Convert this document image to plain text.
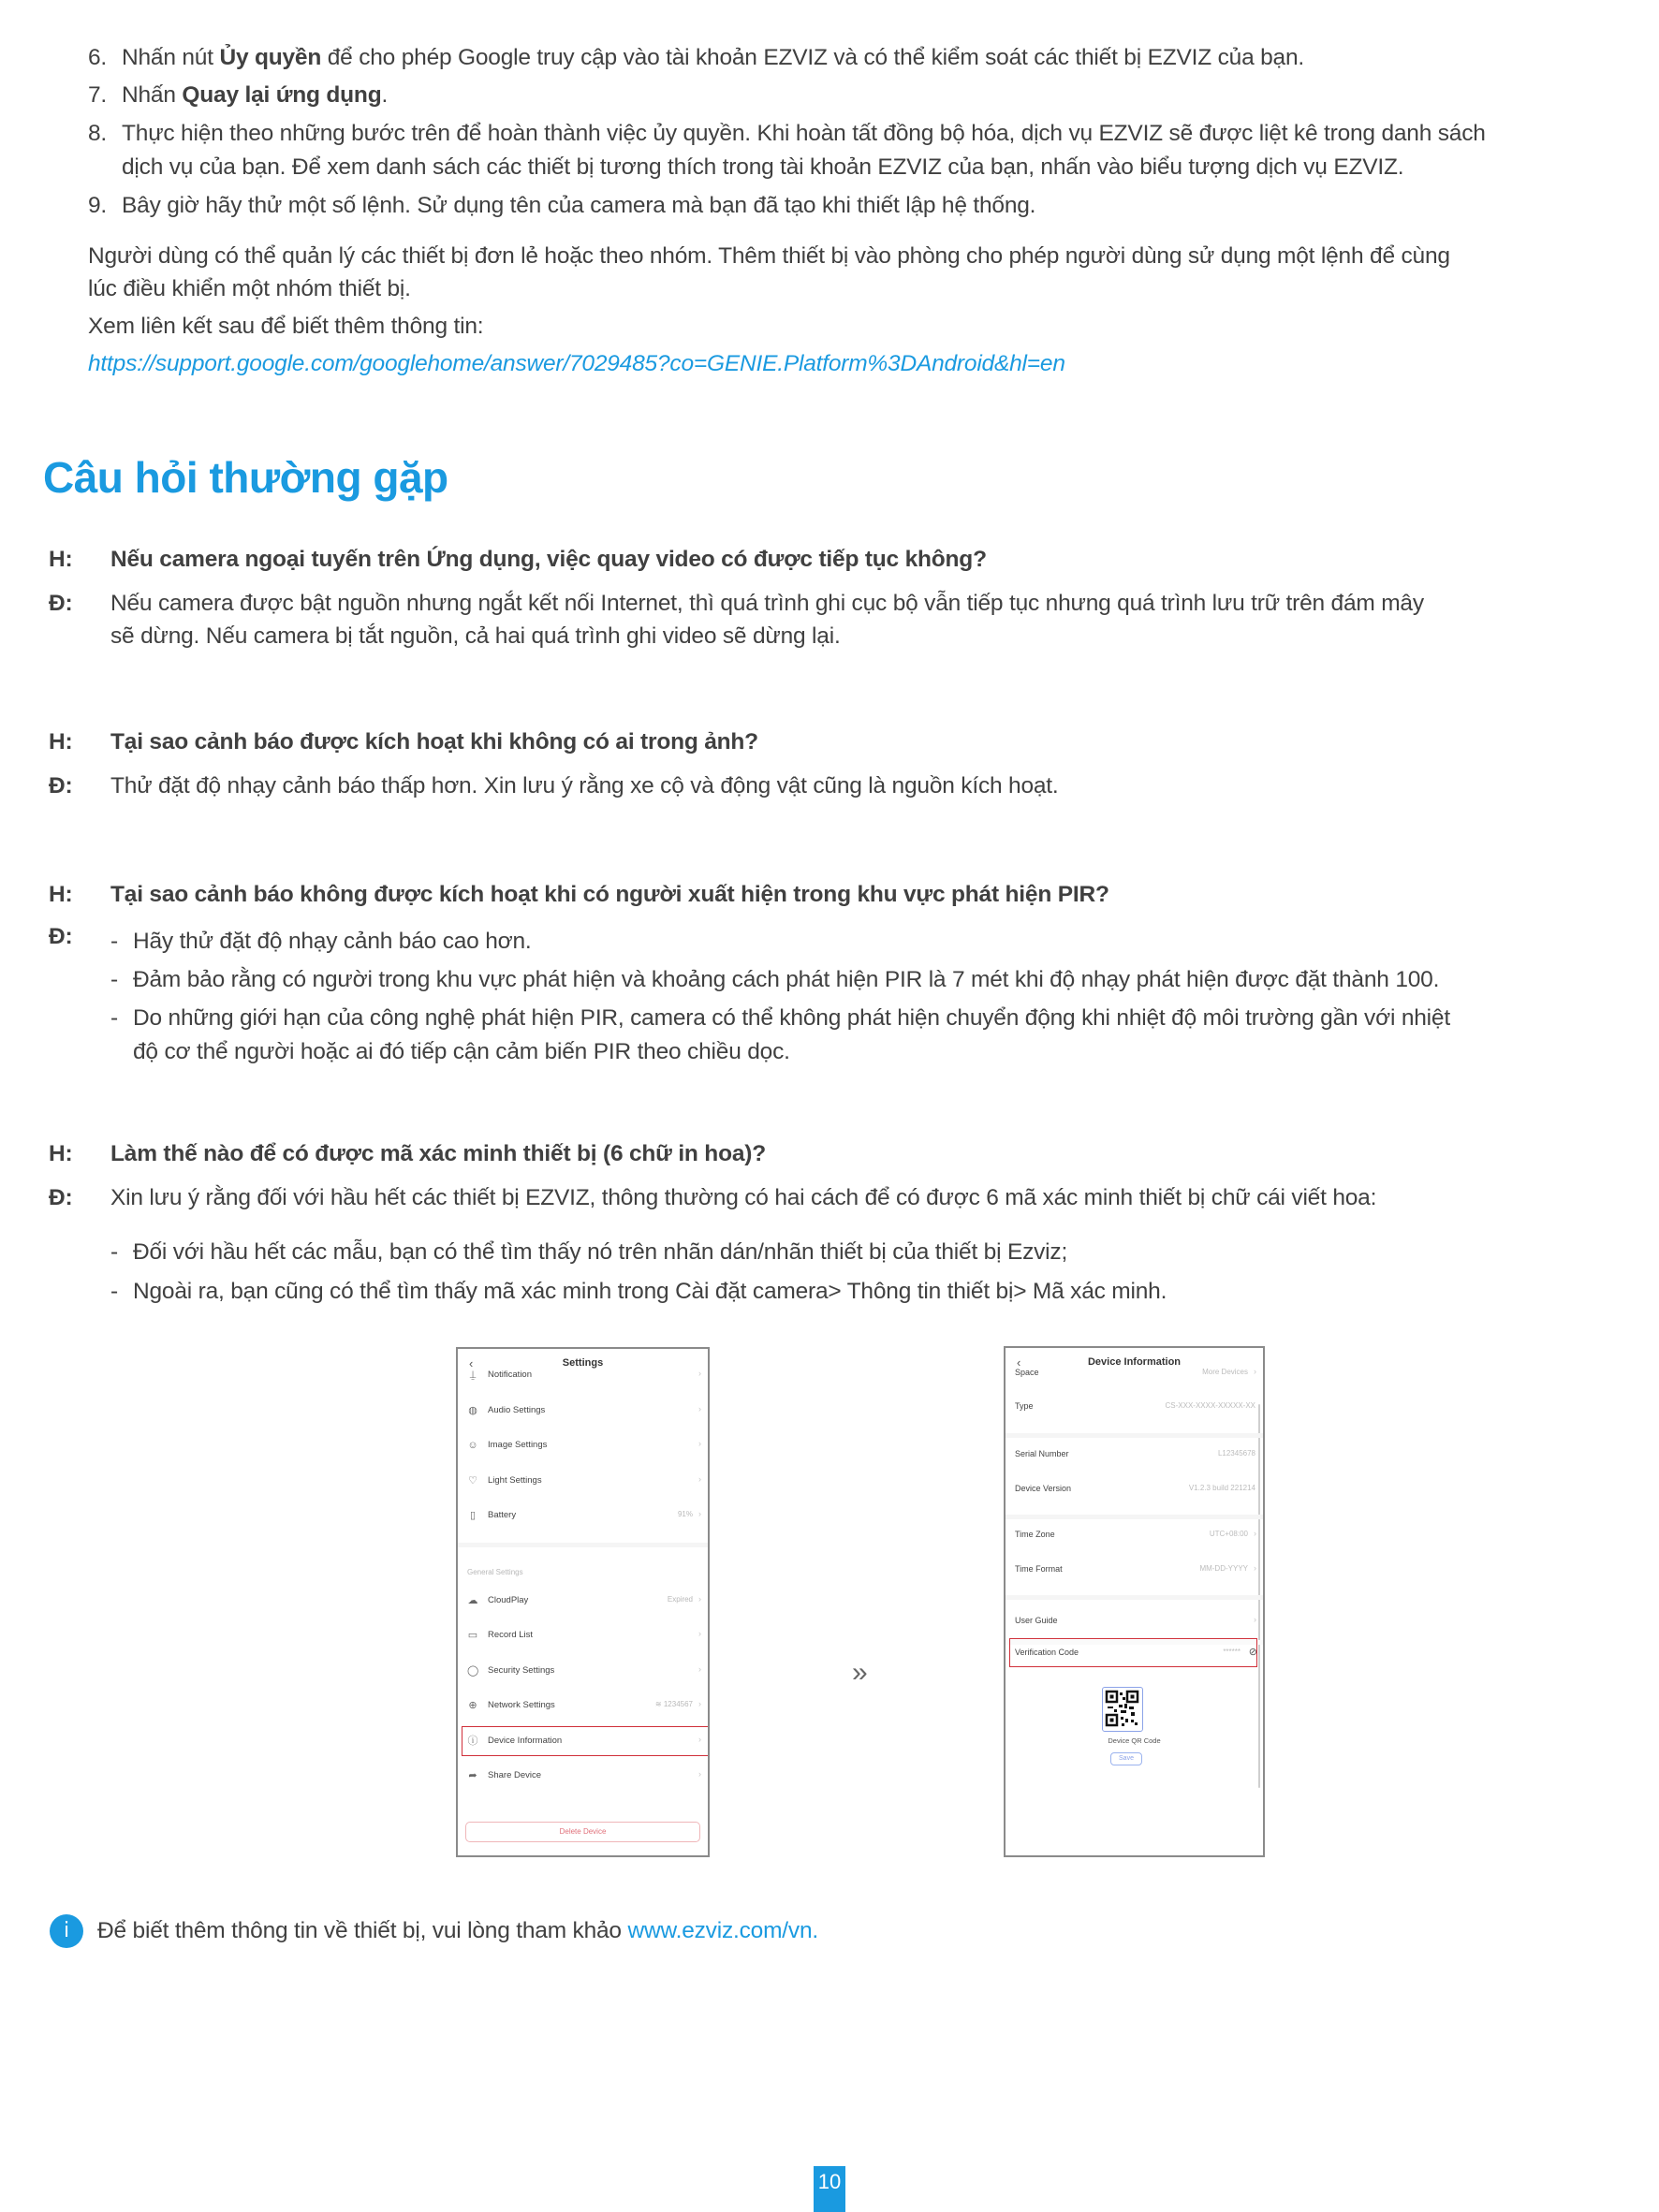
6. Nhấn nút Ủy quyền để cho phép Google truy cập vào tài khoản EZVIZ và có thể kiểm soát các thiết bị EZVIZ của bạn.
7. Nhấn Quay lại ứng dụng.
8. Thực hiện theo những bước trên để hoàn thành việc ủy quyền. Khi hoàn tất đồng bộ hóa, dịch vụ EZVIZ sẽ được liệt kê trong danh sách
dịch vụ của bạn. Để xem danh sách các thiết bị tương thích trong tài khoản EZVIZ của bạn, nhấn vào biểu tượng dịch vụ EZVIZ.
9. Bây giờ hãy thử một số lệnh. Sử dụng tên của camera mà bạn đã tạo khi thiết lập hệ thống.
Người dùng có thể quản lý các thiết bị đơn lẻ hoặc theo nhóm. Thêm thiết bị vào phòng cho phép người dùng sử dụng một lệnh để cùng
lúc điều khiển một nhóm thiết bị.
Xem liên kết sau để biết thêm thông tin:
https://support.google.com/googlehome/answer/7029485?co=GENIE.Platform%3DAndroid&hl=en
Câu hỏi thường gặp
H: Nếu camera ngoại tuyến trên Ứng dụng, việc quay video có được tiếp tục không?
Đ: Nếu camera được bật nguồn nhưng ngắt kết nối Internet, thì quá trình ghi cục bộ vẫn tiếp tục nhưng quá trình lưu trữ trên đám mây
sẽ dừng. Nếu camera bị tắt nguồn, cả hai quá trình ghi video sẽ dừng lại.
H: Tại sao cảnh báo được kích hoạt khi không có ai trong ảnh?
Đ: Thử đặt độ nhạy cảnh báo thấp hơn. Xin lưu ý rằng xe cộ và động vật cũng là nguồn kích hoạt.
H: Tại sao cảnh báo không được kích hoạt khi có người xuất hiện trong khu vực phát hiện PIR?
Đ: - Hãy thử đặt độ nhạy cảnh báo cao hơn.
- Đảm bảo rằng có người trong khu vực phát hiện và khoảng cách phát hiện PIR là 7 mét khi độ nhạy phát hiện được đặt thành 100.
- Do những giới hạn của công nghệ phát hiện PIR, camera có thể không phát hiện chuyển động khi nhiệt độ môi trường gần với nhiệt
độ cơ thể người hoặc ai đó tiếp cận cảm biến PIR theo chiều dọc.
H: Làm thế nào để có được mã xác minh thiết bị (6 chữ in hoa)?
Đ: Xin lưu ý rằng đối với hầu hết các thiết bị EZVIZ, thông thường có hai cách để có được 6 mã xác minh thiết bị chữ cái viết hoa:
- Đối với hầu hết các mẫu, bạn có thể tìm thấy nó trên nhãn dán/nhãn thiết bị của thiết bị Ezviz;
- Ngoài ra, bạn cũng có thể tìm thấy mã xác minh trong Cài đặt camera> Thông tin thiết bị> Mã xác minh.
‹	Settings
⍊ Notification	›
◍ Audio Settings	›
☺ Image Settings	›
♡ Light Settings	›
▯	Battery	91% ›
General Settings
☁ CloudPlay	Expired ›
▭ Record List	›
◯ Security Settings	›
⊕ Network Settings	≋ 1234567 ›
ⓘ Device Information	›
➦ Share Device	›
Delete Device
»
‹	Device Information
Space	More Devices ›
Type	CS-XXX-XXXX-XXXXX-XX
Serial Number	L12345678
Device Version	V1.2.3 build 221214
Time Zone	UTC+08:00 ›
Time Format	MM-DD-YYYY ›
User Guide	›
Verification Code	****** ⊘
Device QR Code
Save
i	Để biết thêm thông tin về thiết bị, vui lòng tham khảo www.ezviz.com/vn.
10
